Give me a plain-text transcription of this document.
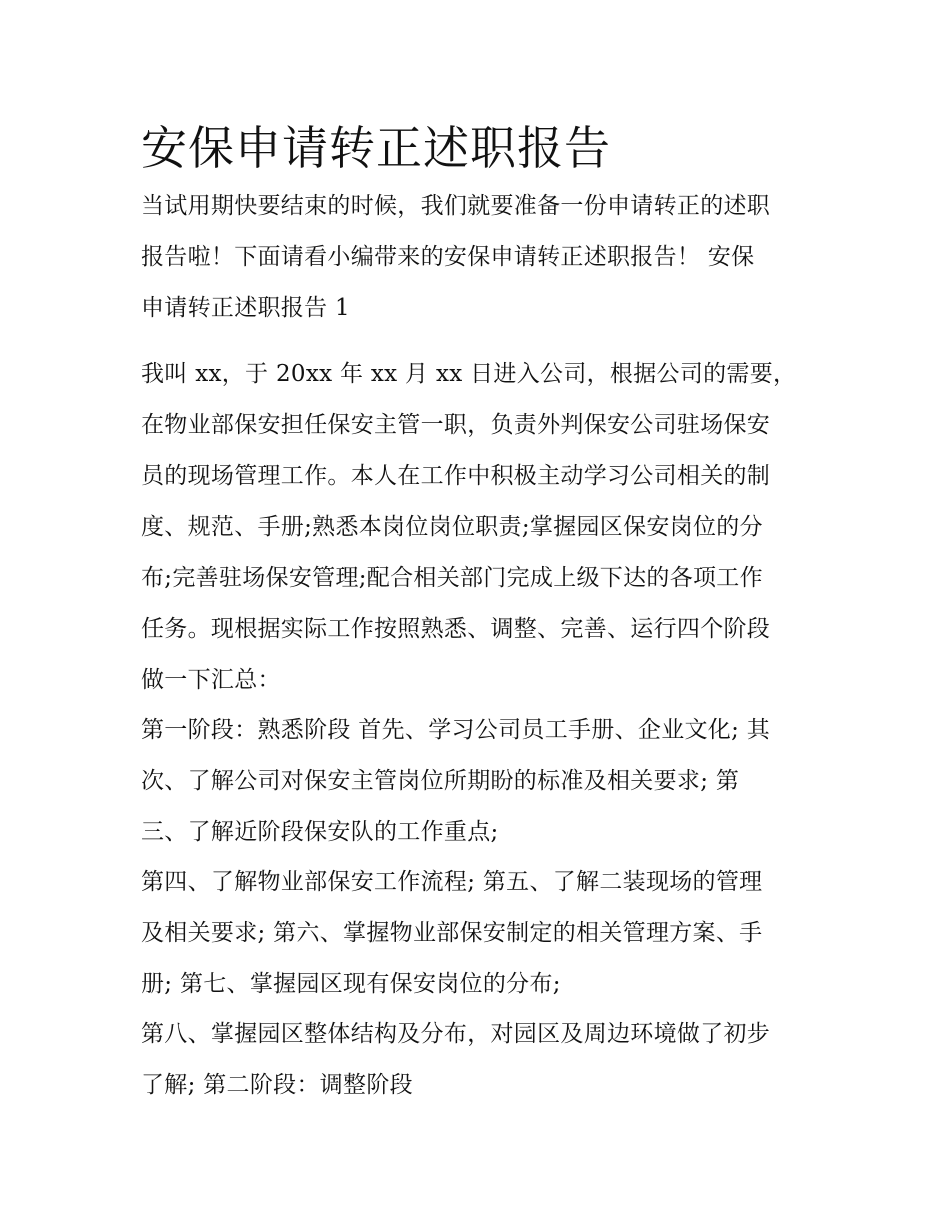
安保申请转正述职报告
当试用期快要结束的时候，我们就要准备一份申请转正的述职
报告啦！下面请看小编带来的安保申请转正述职报告！ 安保
申请转正述职报告 1
我叫 xx，于 20xx 年 xx 月 xx 日进入公司，根据公司的需要，
在物业部保安担任保安主管一职，负责外判保安公司驻场保安
员的现场管理工作。本人在工作中积极主动学习公司相关的制
度、规范、手册;熟悉本岗位岗位职责;掌握园区保安岗位的分
布;完善驻场保安管理;配合相关部门完成上级下达的各项工作
任务。现根据实际工作按照熟悉、调整、完善、运行四个阶段
做一下汇总：
第一阶段：熟悉阶段 首先、学习公司员工手册、企业文化; 其
次、了解公司对保安主管岗位所期盼的标准及相关要求; 第
三、了解近阶段保安队的工作重点;
第四、了解物业部保安工作流程; 第五、了解二装现场的管理
及相关要求; 第六、掌握物业部保安制定的相关管理方案、手
册; 第七、掌握园区现有保安岗位的分布;
第八、掌握园区整体结构及分布，对园区及周边环境做了初步
了解; 第二阶段：调整阶段
